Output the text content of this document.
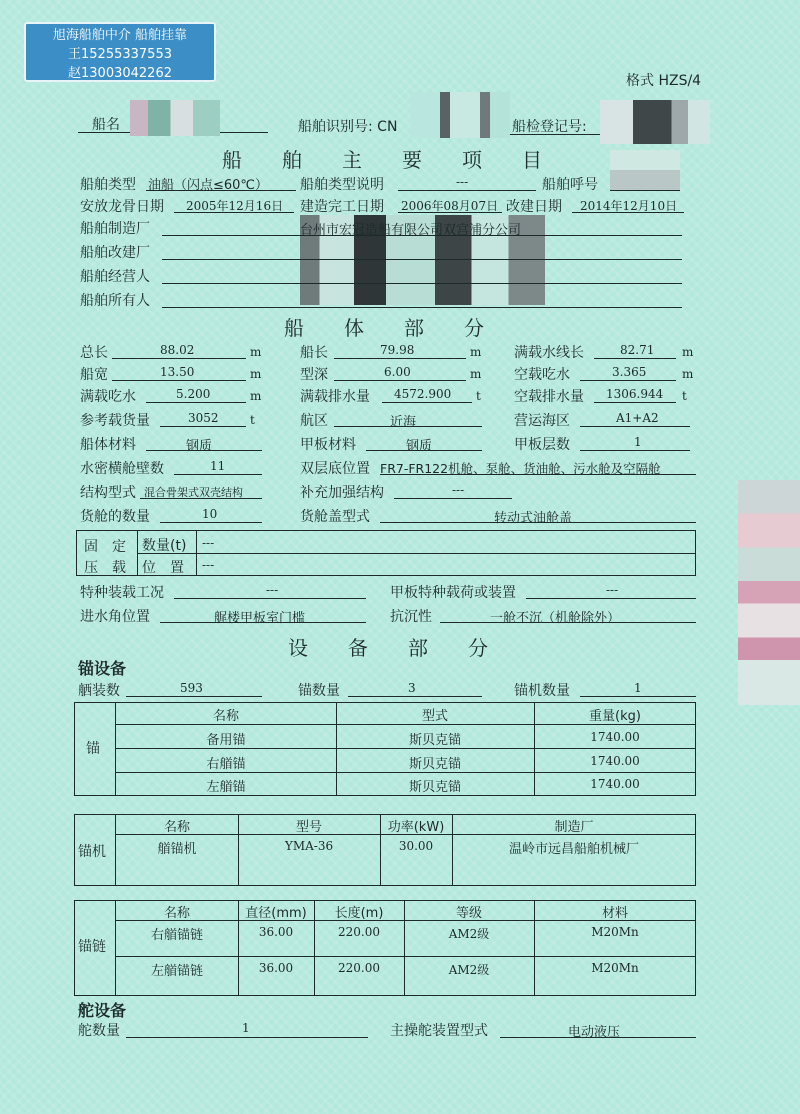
旭海船舶中介 船舶挂靠
王15255337553
赵13003042262	格式 HZS/4
船名	船舶识别号: CN	船检登记号:
船　　舶　　主　　要　　项　　目
船舶类型 油船（闪点≤60℃） 船舶类型说明	---	船舶呼号
安放龙骨日期 2005年12月16日 建造完工日期 2006年08月07日 改建日期 2014年12月10日
船舶制造厂	台州市宏冠造船有限公司双宫浦分公司
船舶改建厂
船舶经营人
船舶所有人
船　　体　　部　　分
总长	88.02	m	船长	79.98	m 满载水线长	82.71 m
船宽	13.50	m	型深	6.00	m 空载吃水	3.365	m
满载吃水	5.200	m	满载排水量 4572.900 t 空载排水量 1306.944 t
参考载货量	3052	t	航区	近海	营运海区	A1+A2
船体材料	钢质	甲板材料	钢质	甲板层数	1
水密横舱壁数	11	双层底位置 FR7-FR122机舱、泵舱、货油舱、污水舱及空隔舱
结构型式 混合骨架式双壳结构	补充加强结构	---
货舱的数量	10	货舱盖型式	转动式油舱盖
固　定
压　载
数量(t) ---
位　置 ---
特种装载工况	---	甲板特种载荷或装置	---
进水角位置	艉楼甲板室门槛	抗沉性	一舱不沉（机舱除外）
设　　备　　部　　分
锚设备
舾装数	593	锚数量	3	锚机数量	1
锚
名称	型式	重量(kg)
备用锚	斯贝克锚	1740.00
右艏锚	斯贝克锚	1740.00
左艏锚	斯贝克锚	1740.00
锚机
名称	型号	功率(kW)	制造厂
艏锚机	YMA-36	30.00	温岭市远昌船舶机械厂
锚链
名称	直径(mm)	长度(m)	等级	材料
右艏锚链	36.00	220.00	AM2级	M20Mn
左艏锚链	36.00	220.00	AM2级	M20Mn
舵设备
舵数量	1	主操舵装置型式	电动液压
